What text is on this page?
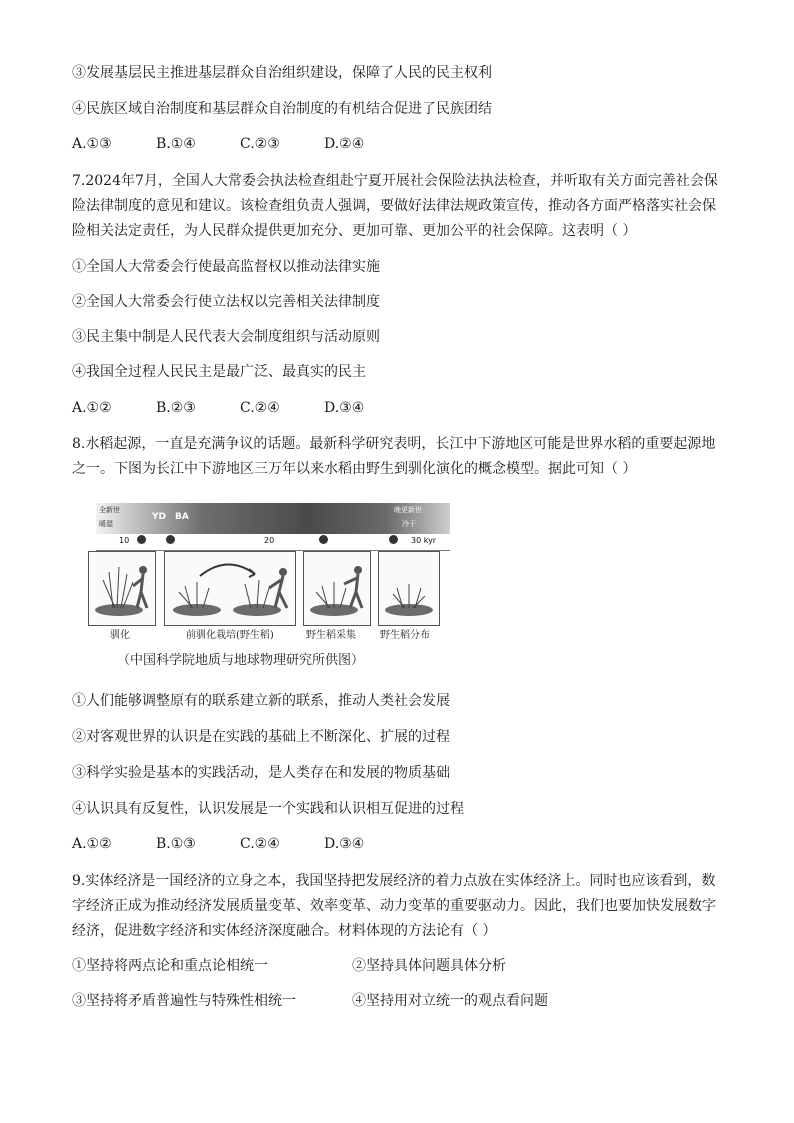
③发展基层民主推进基层群众自治组织建设，保障了人民的民主权利
④民族区域自治制度和基层群众自治制度的有机结合促进了民族团结
A.①③	B.①④	C.②③	D.②④
7.2024年7月，全国人大常委会执法检查组赴宁夏开展社会保险法执法检查，并听取有关方面完善社会保
险法律制度的意见和建议。该检查组负责人强调，要做好法律法规政策宣传，推动各方面严格落实社会保
险相关法定责任，为人民群众提供更加充分、更加可靠、更加公平的社会保障。这表明（ ）
①全国人大常委会行使最高监督权以推动法律实施
②全国人大常委会行使立法权以完善相关法律制度
③民主集中制是人民代表大会制度组织与活动原则
④我国全过程人民民主是最广泛、最真实的民主
A.①②	B.②③	C.②④	D.③④
8.水稻起源，一直是充满争议的话题。最新科学研究表明，长江中下游地区可能是世界水稻的重要起源地
之一。下图为长江中下游地区三万年以来水稻由野生到驯化演化的概念模型。据此可知（ ）
全新世
暖湿
YD BA
晚更新世
冷干
10	20	30 kyr
驯化	前驯化栽培(野生稻)	野生稻采集 野生稻分布
（中国科学院地质与地球物理研究所供图）
①人们能够调整原有的联系建立新的联系，推动人类社会发展
②对客观世界的认识是在实践的基础上不断深化、扩展的过程
③科学实验是基本的实践活动，是人类存在和发展的物质基础
④认识具有反复性，认识发展是一个实践和认识相互促进的过程
A.①②	B.①③	C.②④	D.③④
9.实体经济是一国经济的立身之本，我国坚持把发展经济的着力点放在实体经济上。同时也应该看到，数
字经济正成为推动经济发展质量变革、效率变革、动力变革的重要驱动力。因此，我们也要加快发展数字
经济，促进数字经济和实体经济深度融合。材料体现的方法论有（ ）
①坚持将两点论和重点论相统一	②坚持具体问题具体分析
③坚持将矛盾普遍性与特殊性相统一	④坚持用对立统一的观点看问题
